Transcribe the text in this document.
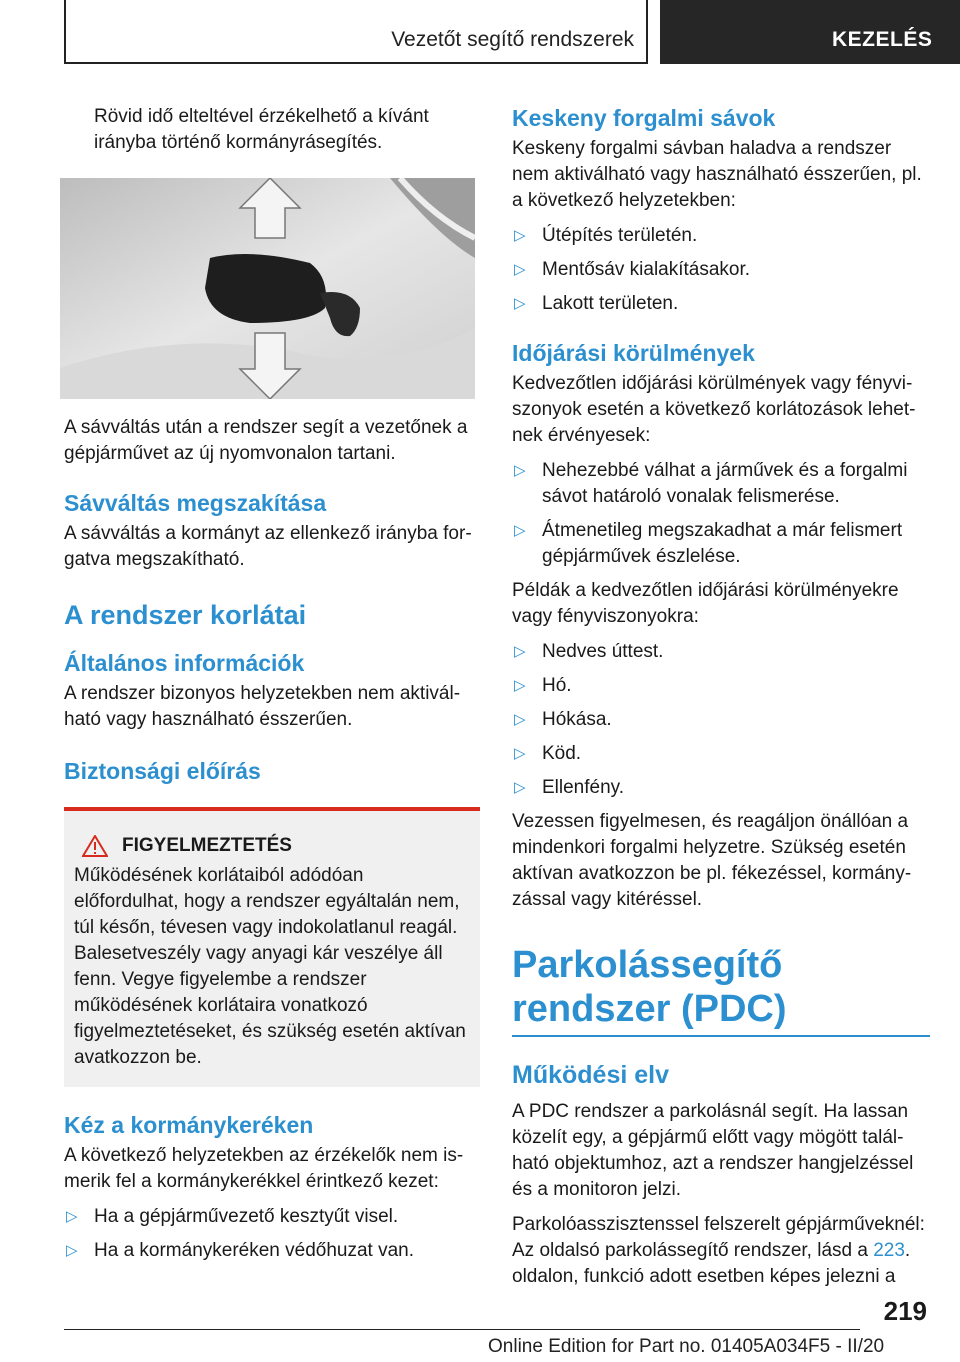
Vezetőt segítő rendszerek	KEZELÉS
Rövid idő elteltével érzékelhető a kívánt
irányba történő kormányrásegítés.

A sávváltás után a rendszer segít a vezetőnek a gépjárművet az új nyomvonalon tartani.

Sávváltás megszakítása

A sávváltás a kormányt az ellenkező irányba forgatva megszakítható.

A rendszer korlátai
Általános információk

A rendszer bizonyos helyzetekben nem aktiválható vagy használható ésszerűen.

Biztonsági előírás
FIGYELMEZTETÉS
Működésének korlátaiból adódóan előfordulhat, hogy a rendszer egyáltalán nem, túl későn, tévesen vagy indokolatlanul reagál. Balesetveszély vagy anyagi kár veszélye áll fenn. Vegye figyelembe a rendszer működésének korlátaira vonatkozó figyelmeztetéseket, és szükség esetén aktívan avatkozzon be.
Kéz a kormánykeréken

A következő helyzetekben az érzékelők nem ismerik fel a kormánykerékkel érintkező kezet:

▷ Ha a gépjárművezető kesztyűt visel.
▷ Ha a kormánykeréken védőhuzat van.
Keskeny forgalmi sávok

Keskeny forgalmi sávban haladva a rendszer nem aktiválható vagy használható ésszerűen, pl. a következő helyzetekben:

▷ Útépítés területén.
▷ Mentősáv kialakításakor.
▷ Lakott területen.
Időjárási körülmények

Kedvezőtlen időjárási körülmények vagy fényviszonyok esetén a következő korlátozások lehetnek érvényesek:

▷ Nehezebbé válhat a járművek és a forgalmi sávot határoló vonalak felismerése.
▷ Átmenetileg megszakadhat a már felismert gépjárművek észlelése.

Példák a kedvezőtlen időjárási körülményekre vagy fényviszonyokra:

▷ Nedves úttest.
▷ Hó.
▷ Hókása.
▷ Köd.
▷ Ellenfény.

Vezessen figyelmesen, és reagáljon önállóan a mindenkori forgalmi helyzetre. Szükség esetén aktívan avatkozzon be pl. fékezéssel, kormányzással vagy kitéréssel.

Parkolássegítő rendszer (PDC)
Működési elv

A PDC rendszer a parkolásnál segít. Ha lassan közelít egy, a gépjármű előtt vagy mögött található objektumhoz, azt a rendszer hangjelzéssel és a monitoron jelzi.

Parkolóasszisztenssel felszerelt gépjárműveknél: Az oldalsó parkolássegítő rendszer, lásd a 223. oldalon, funkció adott esetben képes jelezni a

219
Online Edition for Part no. 01405A034F5 - II/20
